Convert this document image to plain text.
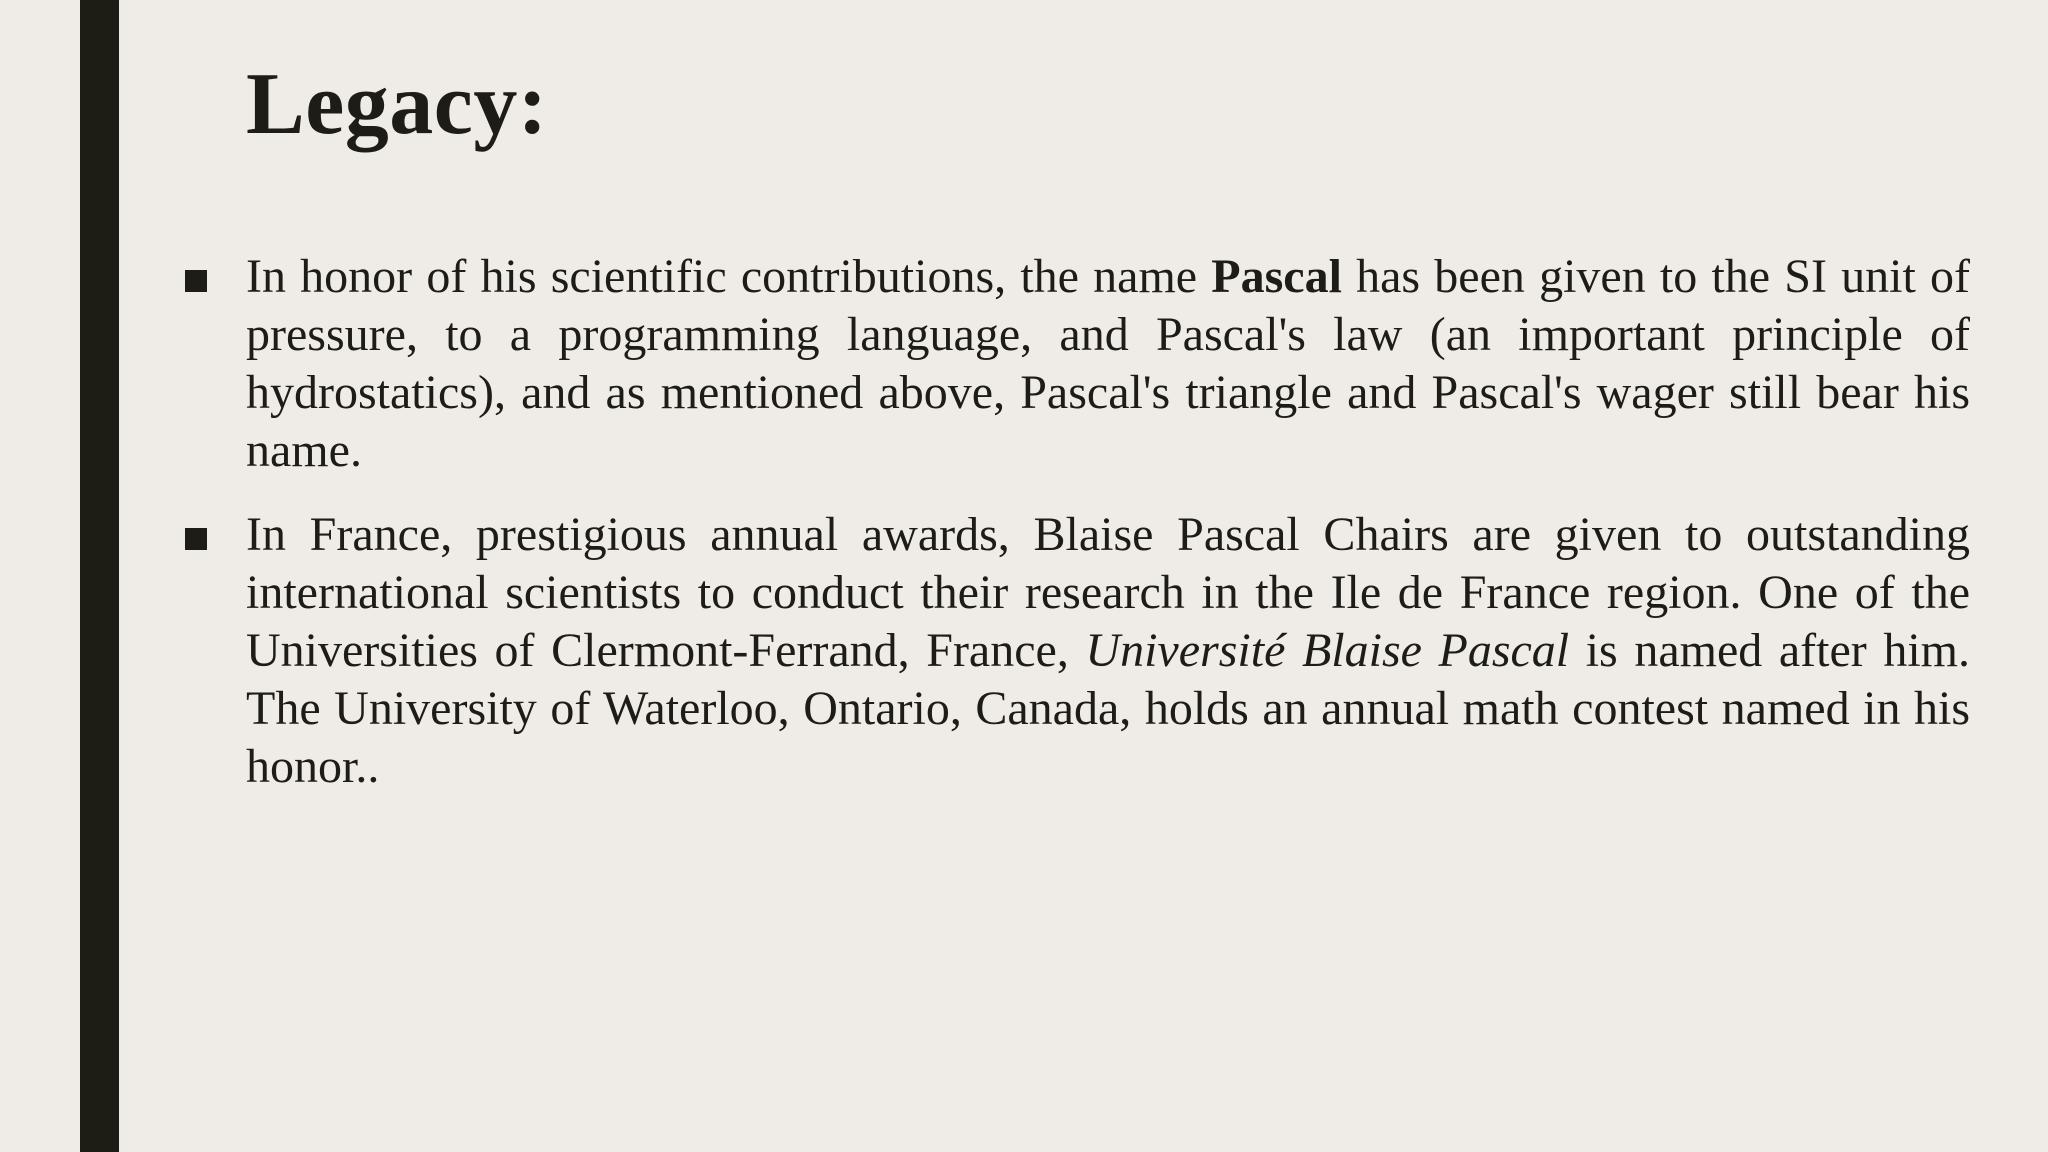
Legacy:
In honor of his scientific contributions, the name Pascal has been given to the SI unit of pressure, to a programming language, and Pascal's law (an important principle of hydrostatics), and as mentioned above, Pascal's triangle and Pascal's wager still bear his name.
In France, prestigious annual awards, Blaise Pascal Chairs are given to outstanding international scientists to conduct their research in the Ile de France region. One of the Universities of Clermont-Ferrand, France, Université Blaise Pascal is named after him. The University of Waterloo, Ontario, Canada, holds an annual math contest named in his honor..
